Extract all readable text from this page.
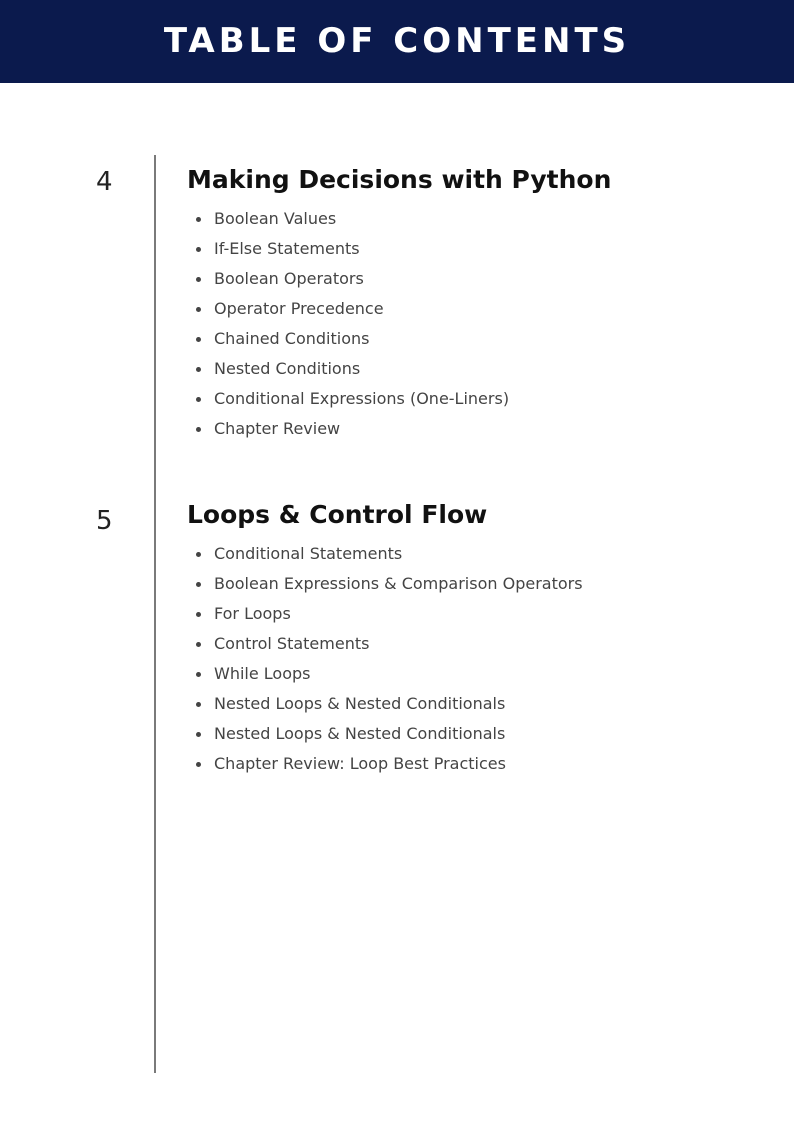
TABLE OF CONTENTS
4	Making Decisions with Python
Boolean Values
If-Else Statements
Boolean Operators
Operator Precedence
Chained Conditions
Nested Conditions
Conditional Expressions (One-Liners)
Chapter Review
5	Loops & Control Flow
Conditional Statements
Boolean Expressions & Comparison Operators
For Loops
Control Statements
While Loops
Nested Loops & Nested Conditionals
Nested Loops & Nested Conditionals
Chapter Review: Loop Best Practices
